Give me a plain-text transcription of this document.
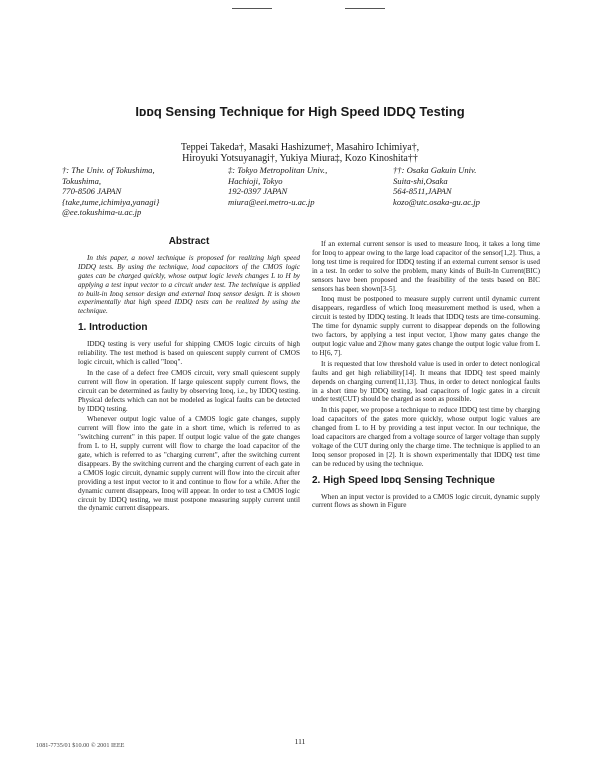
Iᴅᴅq Sensing Technique for High Speed IDDQ Testing
Teppei Takeda†, Masaki Hashizume†, Masahiro Ichimiya†,
Hiroyuki Yotsuyanagi†, Yukiya Miura‡, Kozo Kinoshita††
†: The Univ. of Tokushima,
Tokushima,
770-8506 JAPAN
{take,tume,ichimiya,yanagi}
@ee.tokushima-u.ac.jp
‡: Tokyo Metropolitan Univ.,
Hachioji, Tokyo
192-0397 JAPAN
miura@eei.metro-u.ac.jp
††: Osaka Gakuin Univ.
Suita-shi,Osaka
564-8511,JAPAN
kozo@utc.osaka-gu.ac.jp
Abstract

In this paper, a novel technique is proposed for realizing high speed IDDQ tests. By using the technique, load capacitors of the CMOS logic gates can be charged quickly, whose output logic levels changes L to H by applying a test input vector to a circuit under test. The technique is applied to built-in Iᴅᴅq sensor design and external Iᴅᴅq sensor design. It is shown experimentally that high speed IDDQ tests can be realized by using the technique.

1. Introduction

IDDQ testing is very useful for shipping CMOS logic circuits of high reliability. The test method is based on quiescent supply current of CMOS logic circuit, which is called "Iᴅᴅq".

In the case of a defect free CMOS circuit, very small quiescent supply current will flow in operation. If large quiescent supply current flows, the circuit can be determined as faulty by observing Iᴅᴅq, i.e., by IDDQ testing. Physical defects which can not be modeled as logical faults can be detected by IDDQ testing.

Whenever output logic value of a CMOS logic gate changes, supply current will flow into the gate in a short time, which is referred to as "switching current" in this paper. If output logic value of the gate changes from L to H, supply current will flow to charge the load capacitor of the gate, which is referred to as "charging current", after the switching current disappears. By the switching current and the charging current of each gate in a CMOS logic circuit, dynamic supply current will flow into the circuit after providing a test input vector to it and continue to flow for a while. After the dynamic current disappears, Iᴅᴅq will appear. In order to test a CMOS logic circuit by IDDQ testing, we must postpone measuring supply current until the dynamic current disappears.

If an external current sensor is used to measure Iᴅᴅq, it takes a long time for Iᴅᴅq to appear owing to the large load capacitor of the sensor[1,2]. Thus, a long test time is required for IDDQ testing if an external current sensor is used in a test. In order to solve the problem, many kinds of Built-In Current(BIC) sensors have been proposed and the feasibility of the tests based on BIC sensors has been shown[3-5].

Iᴅᴅq must be postponed to measure supply current until dynamic current disappears, regardless of which Iᴅᴅq measurement method is used, when a circuit is tested by IDDQ testing. It leads that IDDQ tests are time-consuming. The time for dynamic supply current to disappear depends on the following two factors, by applying a test input vector, 1)how many gates change the output logic value and 2)how many gates change the output logic value from L to H[6, 7].

It is requested that low threshold value is used in order to detect nonlogical faults and get high reliability[14]. It means that IDDQ test speed mainly depends on charging current[11,13]. Thus, in order to detect nonlogical faults in a short time by IDDQ testing, load capacitors of logic gates in a circuit under test(CUT) should be charged as soon as possible.

In this paper, we propose a technique to reduce IDDQ test time by charging load capacitors of the gates more quickly, whose output logic values are changed from L to H by providing a test input vector. In our technique, the load capacitors are charged from a voltage source of larger voltage than supply voltage of the CUT during only the charge time. The technique is applied to an Iᴅᴅq sensor proposed in [2]. It is shown experimentally that IDDQ test time can be reduced by using the technique.

2. High Speed Iᴅᴅq Sensing Technique

When an input vector is provided to a CMOS logic circuit, dynamic supply current flows as shown in Figure

111
1081-7735/01 $10.00 © 2001 IEEE
